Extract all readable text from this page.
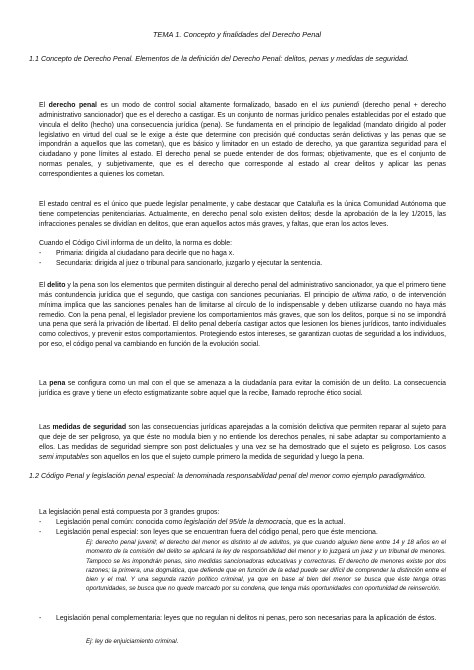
TEMA 1. Concepto y finalidades del Derecho Penal
1.1 Concepto de Derecho Penal. Elementos de la definición del Derecho Penal: delitos, penas y medidas de seguridad.
El derecho penal es un modo de control social altamente formalizado, basado en el ius puniendi (derecho penal + derecho administrativo sancionador) que es el derecho a castigar. Es un conjunto de normas jurídico penales establecidas por el estado que vincula el delito (hecho) una consecuencia jurídica (pena). Se fundamenta en el principio de legalidad (mandato dirigido al poder legislativo en virtud del cual se le exige a éste que determine con precisión qué conductas serán delictivas y las penas que se impondrán a aquellos que las cometan), que es básico y limitador en un estado de derecho, ya que garantiza seguridad para el ciudadano y pone límites al estado. El derecho penal se puede entender de dos formas; objetivamente, que es el conjunto de normas penales, y subjetivamente, que es el derecho que corresponde al estado al crear delitos y aplicar las penas correspondientes a quienes los cometan.
El estado central es el único que puede legislar penalmente, y cabe destacar que Cataluña es la única Comunidad Autónoma que tiene competencias penitenciarias. Actualmente, en derecho penal solo existen delitos; desde la aprobación de la ley 1/2015, las infracciones penales se dividían en delitos, que eran aquellos actos más graves, y faltas, que eran los actos leves.
Cuando el Código Civil informa de un delito, la norma es doble:
-	Primaria: dirigida al ciudadano para decirle que no haga x.
-	Secundaria: dirigida al juez o tribunal para sancionarlo, juzgarlo y ejecutar la sentencia.
El delito y la pena son los elementos que permiten distinguir al derecho penal del administrativo sancionador, ya que el primero tiene más contundencia jurídica que el segundo, que castiga con sanciones pecuniarias. El principio de ultima ratio, o de intervención mínima implica que las sanciones penales han de limitarse al círculo de lo indispensable y deben utilizarse cuando no haya más remedio. Con la pena penal, el legislador previene los comportamientos más graves, que son los delitos, porque si no se impondrá una pena que será la privación de libertad. El delito penal debería castigar actos que lesionen los bienes jurídicos, tanto individuales como colectivos, y prevenir estos comportamientos. Protegiendo estos intereses, se garantizan cuotas de seguridad a los individuos, por eso, el código penal va cambiando en función de la evolución social.
La pena se configura como un mal con el que se amenaza a la ciudadanía para evitar la comisión de un delito. La consecuencia jurídica es grave y tiene un efecto estigmatizante sobre aquel que la recibe, llamado reproche ético social.
Las medidas de seguridad son las consecuencias jurídicas aparejadas a la comisión delictiva que permiten reparar al sujeto para que deje de ser peligroso, ya que éste no modula bien y no entiende los derechos penales, ni sabe adaptar su comportamiento a ellos. Las medidas de seguridad siempre son post delictuales y una vez se ha demostrado que el sujeto es peligroso. Los casos semi imputables son aquellos en los que el sujeto cumple primero la medida de seguridad y luego la pena.
1.2 Código Penal y legislación penal especial: la denominada responsabilidad penal del menor como ejemplo paradigmático.
La legislación penal está compuesta por 3 grandes grupos:
-	Legislación penal común: conocida como legislación del 95/de la democracia, que es la actual.
-	Legislación penal especial: son leyes que se encuentran fuera del código penal, pero que éste menciona.
Ej: derecho penal juvenil; el derecho del menor es distinto al de adultos, ya que cuando alguien tiene entre 14 y 18 años en el momento de la comisión del delito se aplicará la ley de responsabilidad del menor y lo juzgará un juez y un tribunal de menores. Tampoco se les impondrán penas, sino medidas sancionadoras educativas y correctoras. El derecho de menores existe por dos razones; la primera, una dogmática, que defiende que en función de la edad puede ser difícil de comprender la distinción entre el bien y el mal. Y una segunda razón político criminal, ya que en base al bien del menor se busca que éste tenga otras oportunidades, se busca que no quede marcado por su condena, que tenga más oportunidades con oportunidad de reinserción.
-	Legislación penal complementaria: leyes que no regulan ni delitos ni penas, pero son necesarias para la aplicación de éstos.
Ej: ley de enjuiciamiento criminal.
